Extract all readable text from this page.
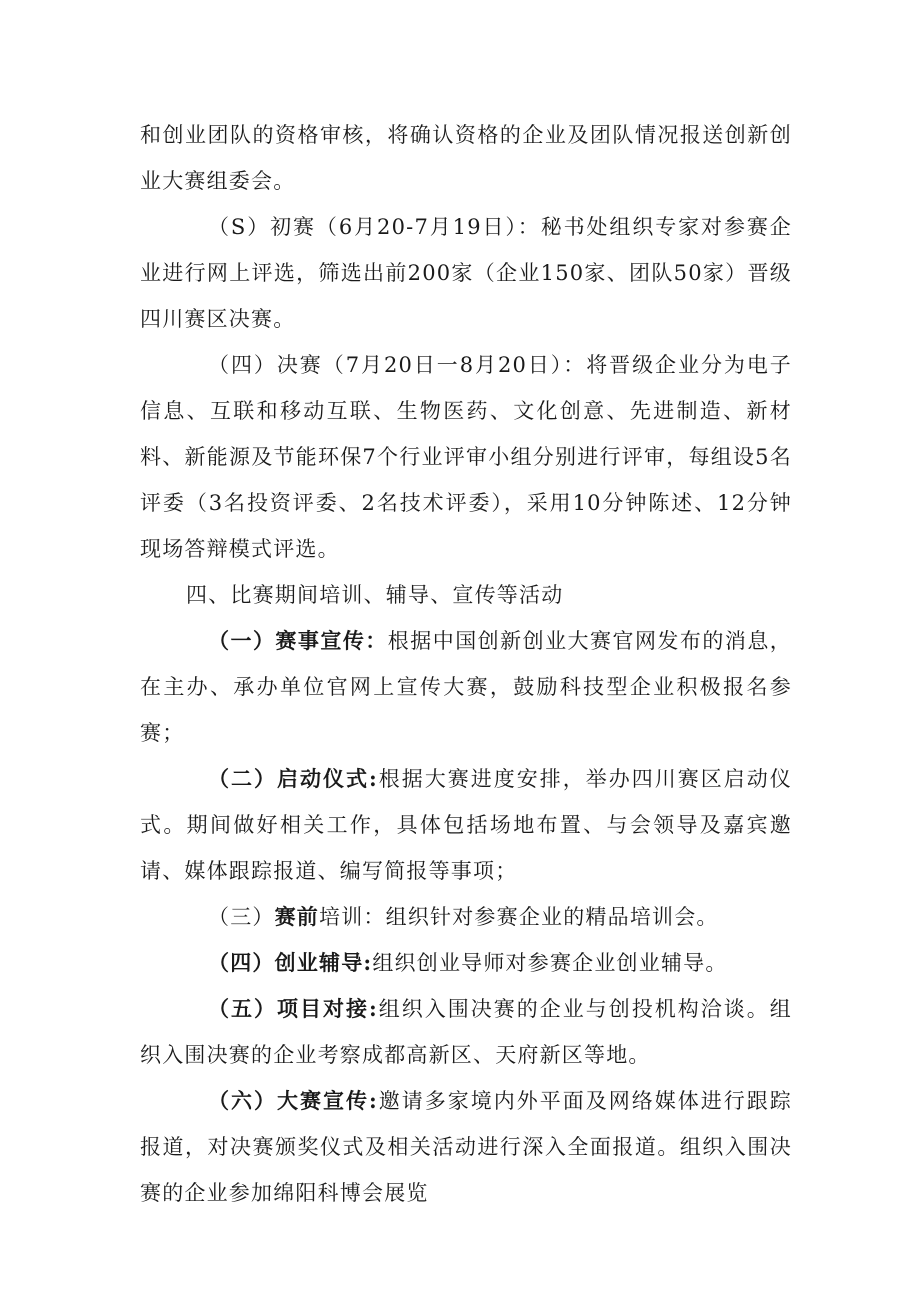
和创业团队的资格审核，将确认资格的企业及团队情况报送创新创业大赛组委会。

（S）初赛（6月20-7月19日）：秘书处组织专家对参赛企业进行网上评选，筛选出前200家（企业150家、团队50家）晋级四川赛区决赛。

（四）决赛（7月20日一8月20日）：将晋级企业分为电子信息、互联和移动互联、生物医药、文化创意、先进制造、新材料、新能源及节能环保7个行业评审小组分别进行评审，每组设5名评委（3名投资评委、2名技术评委），采用10分钟陈述、12分钟现场答辩模式评选。

四、比赛期间培训、辅导、宣传等活动

（一）赛事宣传：根据中国创新创业大赛官网发布的消息，在主办、承办单位官网上宣传大赛，鼓励科技型企业积极报名参赛；

（二）启动仪式:根据大赛进度安排，举办四川赛区启动仪式。期间做好相关工作，具体包括场地布置、与会领导及嘉宾邀请、媒体跟踪报道、编写简报等事项；

（三）赛前培训：组织针对参赛企业的精品培训会。

（四）创业辅导:组织创业导师对参赛企业创业辅导。

（五）项目对接:组织入围决赛的企业与创投机构洽谈。组织入围决赛的企业考察成都高新区、天府新区等地。

（六）大赛宣传:邀请多家境内外平面及网络媒体进行跟踪报道，对决赛颁奖仪式及相关活动进行深入全面报道。组织入围决赛的企业参加绵阳科博会展览
